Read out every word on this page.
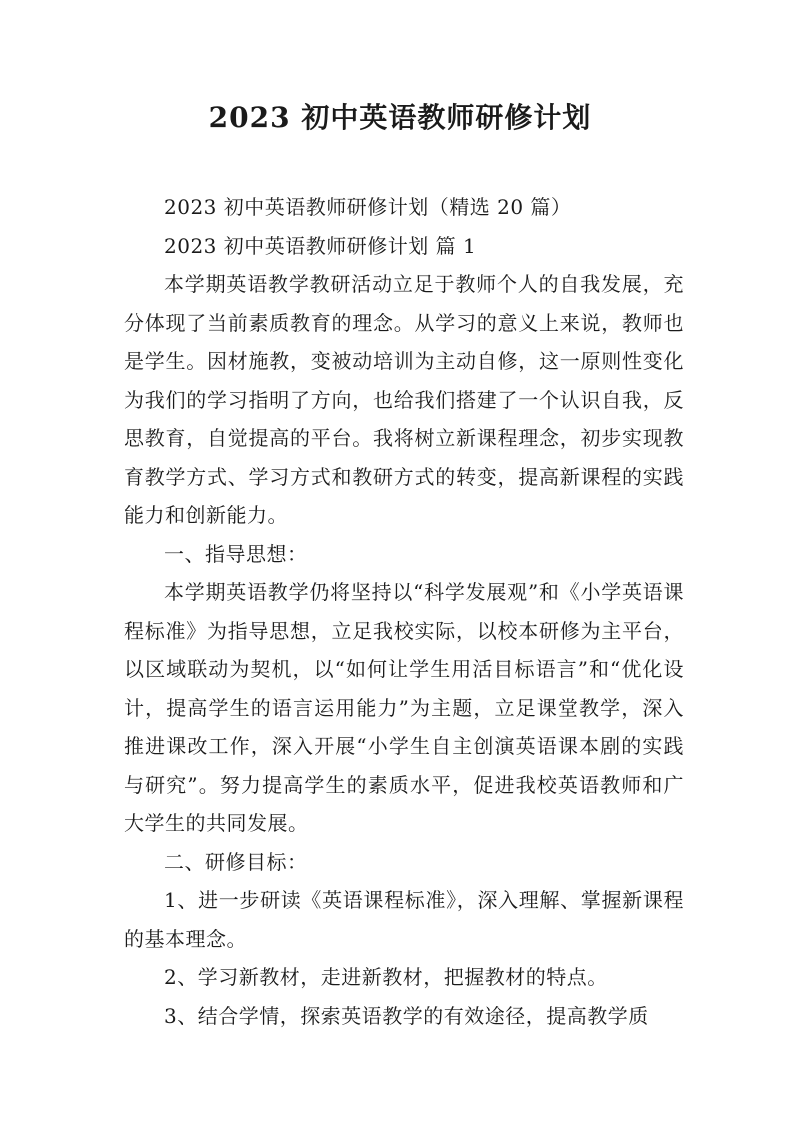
2023 初中英语教师研修计划

2023 初中英语教师研修计划（精选 20 篇）

2023 初中英语教师研修计划 篇 1

本学期英语教学教研活动立足于教师个人的自我发展，充分体现了当前素质教育的理念。从学习的意义上来说，教师也是学生。因材施教，变被动培训为主动自修，这一原则性变化为我们的学习指明了方向，也给我们搭建了一个认识自我，反思教育，自觉提高的平台。我将树立新课程理念，初步实现教育教学方式、学习方式和教研方式的转变，提高新课程的实践能力和创新能力。

一、指导思想：

本学期英语教学仍将坚持以“科学发展观”和《小学英语课程标准》为指导思想，立足我校实际，以校本研修为主平台，以区域联动为契机，以“如何让学生用活目标语言”和“优化设计，提高学生的语言运用能力”为主题，立足课堂教学，深入推进课改工作，深入开展“小学生自主创演英语课本剧的实践与研究”。努力提高学生的素质水平，促进我校英语教师和广大学生的共同发展。

二、研修目标：

1、进一步研读《英语课程标准》，深入理解、掌握新课程的基本理念。

2、学习新教材，走进新教材，把握教材的特点。

3、结合学情，探索英语教学的有效途径，提高教学质
